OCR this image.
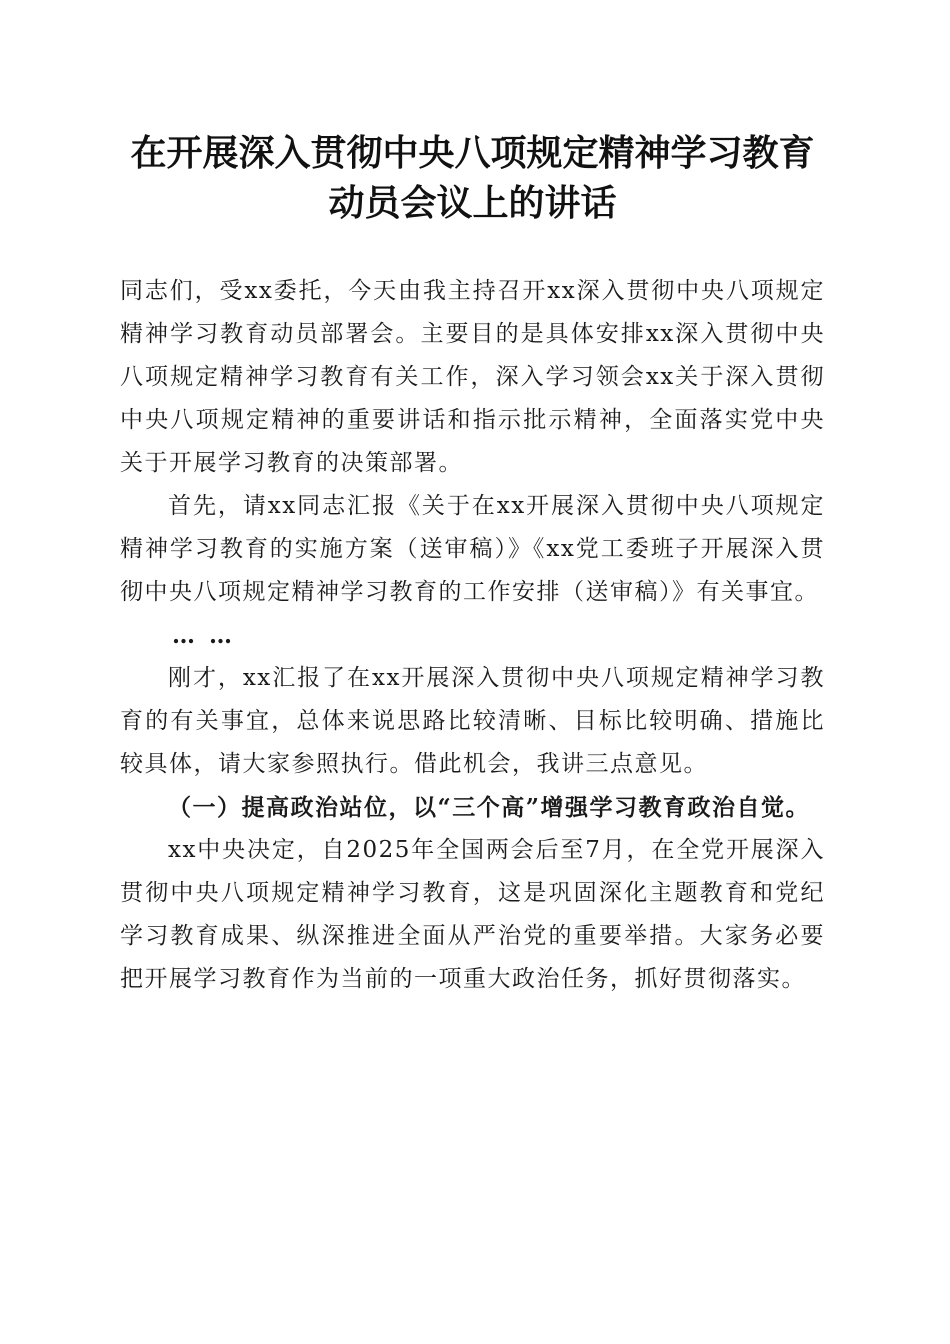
在开展深入贯彻中央八项规定精神学习教育动员会议上的讲话

同志们，受xx委托，今天由我主持召开xx深入贯彻中央八项规定精神学习教育动员部署会。主要目的是具体安排xx深入贯彻中央八项规定精神学习教育有关工作，深入学习领会xx关于深入贯彻中央八项规定精神的重要讲话和指示批示精神，全面落实党中央关于开展学习教育的决策部署。

首先，请xx同志汇报《关于在xx开展深入贯彻中央八项规定精神学习教育的实施方案（送审稿）》《xx党工委班子开展深入贯彻中央八项规定精神学习教育的工作安排（送审稿）》有关事宜。

……

刚才，xx汇报了在xx开展深入贯彻中央八项规定精神学习教育的有关事宜，总体来说思路比较清晰、目标比较明确、措施比较具体，请大家参照执行。借此机会，我讲三点意见。

（一）提高政治站位，以“三个高”增强学习教育政治自觉。

xx中央决定，自2025年全国两会后至7月，在全党开展深入贯彻中央八项规定精神学习教育，这是巩固深化主题教育和党纪学习教育成果、纵深推进全面从严治党的重要举措。大家务必要把开展学习教育作为当前的一项重大政治任务，抓好贯彻落实。
